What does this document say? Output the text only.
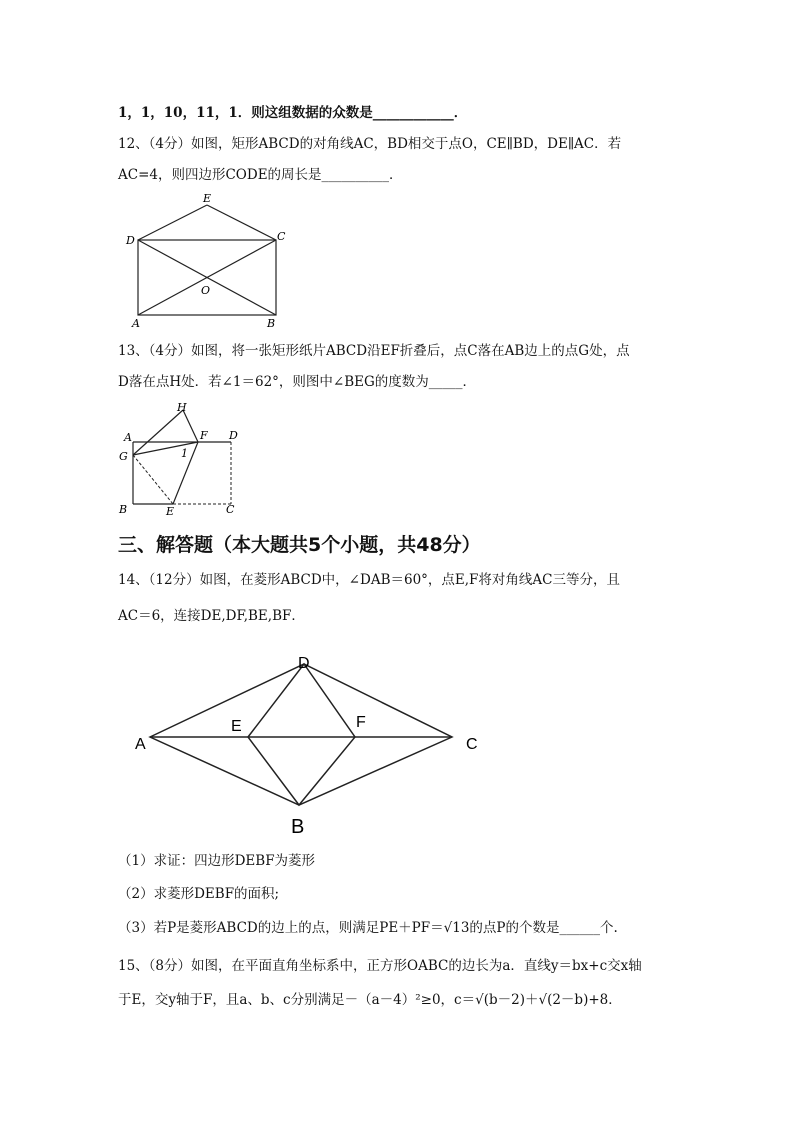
1，1，10，11，1．则这组数据的众数是____________．
12、（4分）如图，矩形ABCD的对角线AC，BD相交于点O，CE∥BD，DE∥AC．若
AC=4，则四边形CODE的周长是__________．
E
D	C
O
A	B
13、（4分）如图，将一张矩形纸片ABCD沿EF折叠后，点C落在AB边上的点G处，点
D落在点H处．若∠1＝62°，则图中∠BEG的度数为_____．
H
A	F D
G	1
B	E	C
三、解答题（本大题共5个小题，共48分）
14、（12分）如图，在菱形ABCD中，∠DAB＝60°，点E,F将对角线AC三等分，且
AC＝6，连接DE,DF,BE,BF．
D
A
E	F
C
B
（1）求证：四边形DEBF为菱形
（2）求菱形DEBF的面积;
（3）若P是菱形ABCD的边上的点，则满足PE＋PF＝√13的点P的个数是______个.
15、（8分）如图，在平面直角坐标系中，正方形OABC的边长为a．直线y＝bx+c交x轴
于E，交y轴于F，且a、b、c分别满足－（a－4）²≥0，c＝√(b－2)＋√(2－b)+8．
